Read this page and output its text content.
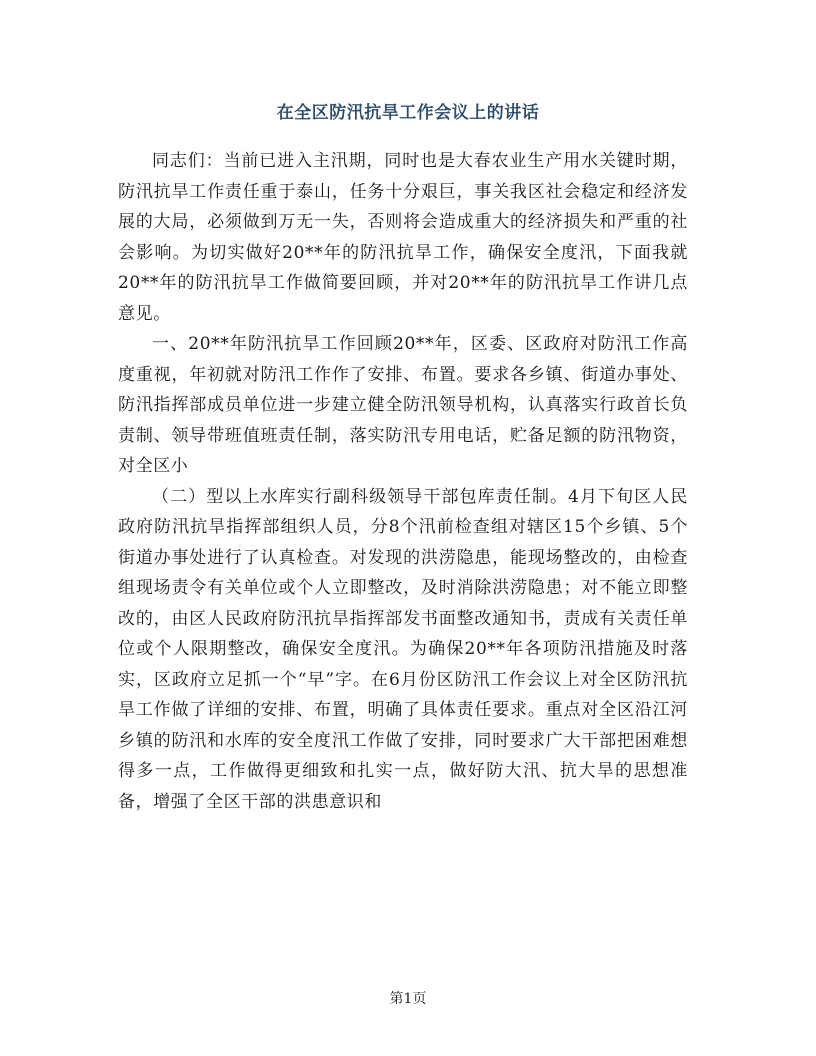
在全区防汛抗旱工作会议上的讲话

同志们：当前已进入主汛期，同时也是大春农业生产用水关键时期，防汛抗旱工作责任重于泰山，任务十分艰巨，事关我区社会稳定和经济发展的大局，必须做到万无一失，否则将会造成重大的经济损失和严重的社会影响。为切实做好20**年的防汛抗旱工作，确保安全度汛，下面我就20**年的防汛抗旱工作做简要回顾，并对20**年的防汛抗旱工作讲几点意见。

一、20**年防汛抗旱工作回顾20**年，区委、区政府对防汛工作高度重视，年初就对防汛工作作了安排、布置。要求各乡镇、街道办事处、防汛指挥部成员单位进一步建立健全防汛领导机构，认真落实行政首长负责制、领导带班值班责任制，落实防汛专用电话，贮备足额的防汛物资，对全区小

（二）型以上水库实行副科级领导干部包库责任制。4月下旬区人民政府防汛抗旱指挥部组织人员，分8个汛前检查组对辖区15个乡镇、5个街道办事处进行了认真检查。对发现的洪涝隐患，能现场整改的，由检查组现场责令有关单位或个人立即整改，及时消除洪涝隐患；对不能立即整改的，由区人民政府防汛抗旱指挥部发书面整改通知书，责成有关责任单位或个人限期整改，确保安全度汛。为确保20**年各项防汛措施及时落实，区政府立足抓一个“早”字。在6月份区防汛工作会议上对全区防汛抗旱工作做了详细的安排、布置，明确了具体责任要求。重点对全区沿江河乡镇的防汛和水库的安全度汛工作做了安排，同时要求广大干部把困难想得多一点，工作做得更细致和扎实一点，做好防大汛、抗大旱的思想准备，增强了全区干部的洪患意识和

第1页
